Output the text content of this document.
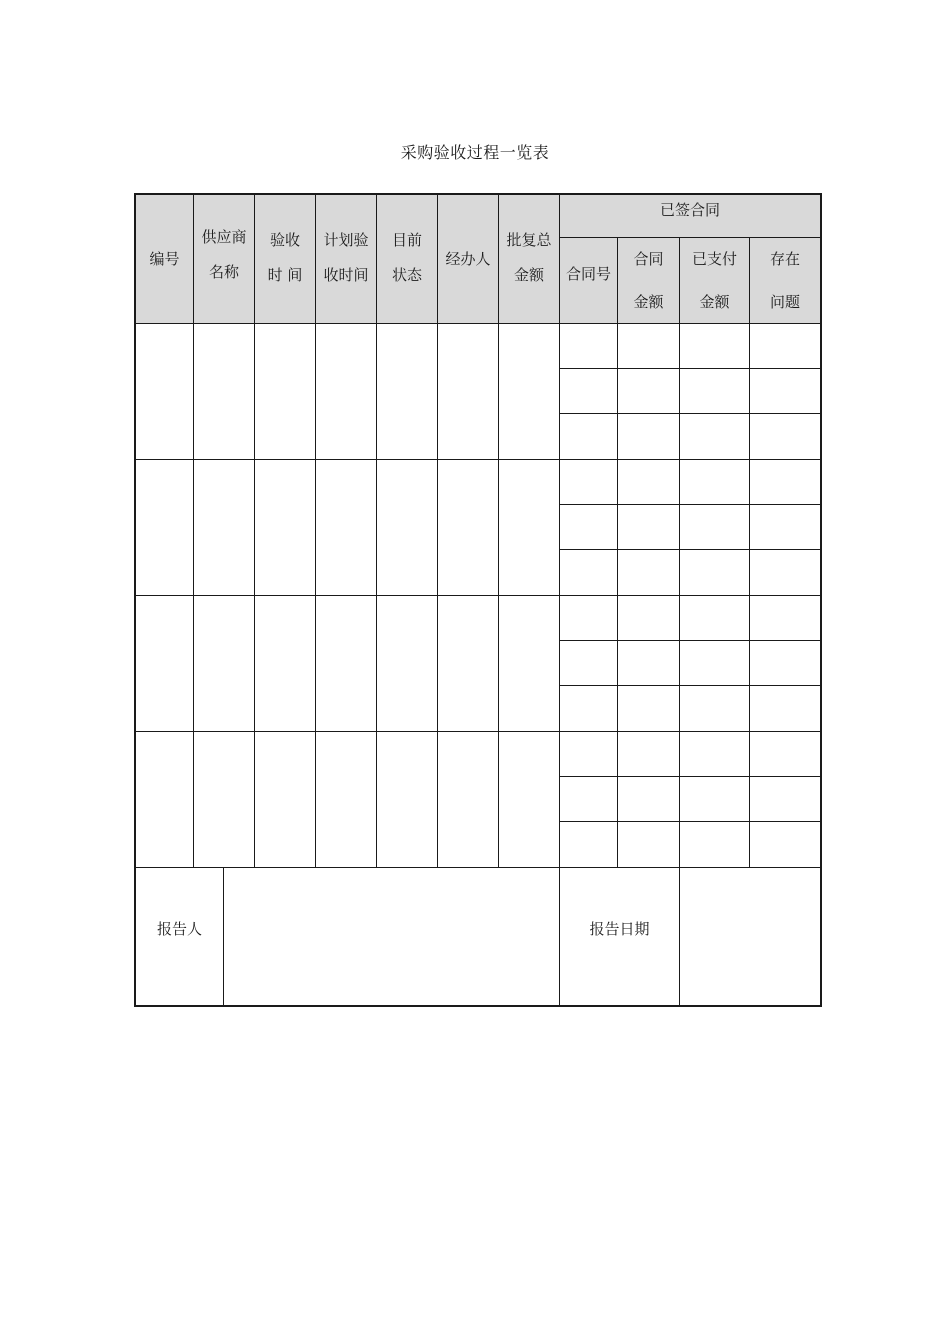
采购验收过程一览表
编号
供应商
名称
验收
时 间
计划验
收时间
目前
状态
经办人
批复总
金额
已签合同
合同号
合同
金额
已支付
金额
存在
问题
报告人	报告日期
